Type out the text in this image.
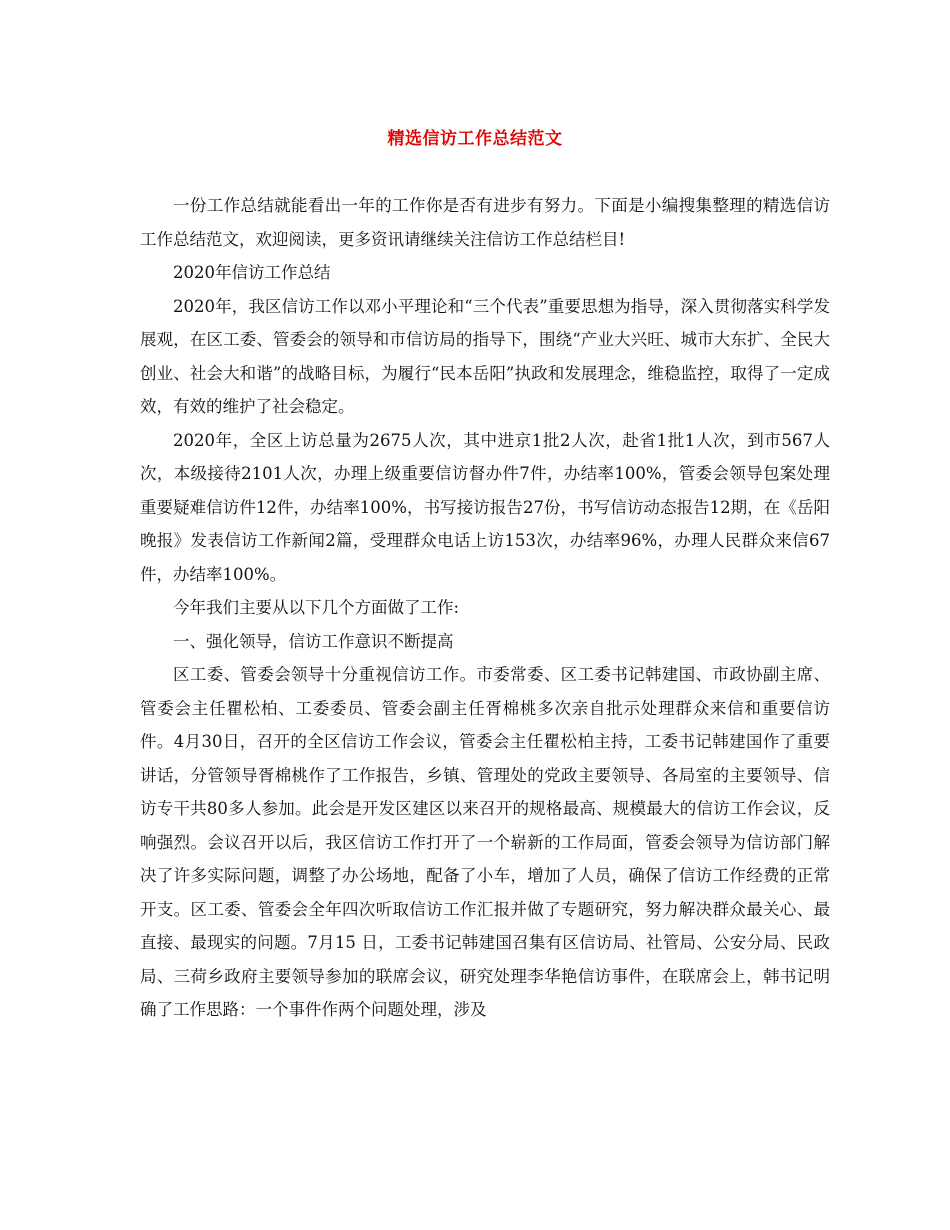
精选信访工作总结范文

一份工作总结就能看出一年的工作你是否有进步有努力。下面是小编搜集整理的精选信访工作总结范文，欢迎阅读，更多资讯请继续关注信访工作总结栏目!

2020年信访工作总结

2020年，我区信访工作以邓小平理论和“三个代表”重要思想为指导，深入贯彻落实科学发展观，在区工委、管委会的领导和市信访局的指导下，围绕“产业大兴旺、城市大东扩、全民大创业、社会大和谐”的战略目标，为履行“民本岳阳”执政和发展理念，维稳监控，取得了一定成效，有效的维护了社会稳定。

2020年，全区上访总量为2675人次，其中进京1批2人次，赴省1批1人次，到市567人次，本级接待2101人次，办理上级重要信访督办件7件，办结率100%，管委会领导包案处理重要疑难信访件12件，办结率100%，书写接访报告27份，书写信访动态报告12期，在《岳阳晚报》发表信访工作新闻2篇，受理群众电话上访153次，办结率96%，办理人民群众来信67 件，办结率100%。

今年我们主要从以下几个方面做了工作:

一、强化领导，信访工作意识不断提高

区工委、管委会领导十分重视信访工作。市委常委、区工委书记韩建国、市政协副主席、管委会主任瞿松柏、工委委员、管委会副主任胥棉桃多次亲自批示处理群众来信和重要信访件。4月30日，召开的全区信访工作会议，管委会主任瞿松柏主持，工委书记韩建国作了重要讲话，分管领导胥棉桃作了工作报告，乡镇、管理处的党政主要领导、各局室的主要领导、信访专干共80多人参加。此会是开发区建区以来召开的规格最高、规模最大的信访工作会议，反响强烈。会议召开以后，我区信访工作打开了一个崭新的工作局面，管委会领导为信访部门解决了许多实际问题，调整了办公场地，配备了小车，增加了人员，确保了信访工作经费的正常开支。区工委、管委会全年四次听取信访工作汇报并做了专题研究，努力解决群众最关心、最直接、最现实的问题。7月15 日，工委书记韩建国召集有区信访局、社管局、公安分局、民政局、三荷乡政府主要领导参加的联席会议，研究处理李华艳信访事件，在联席会上，韩书记明确了工作思路：一个事件作两个问题处理，涉及
